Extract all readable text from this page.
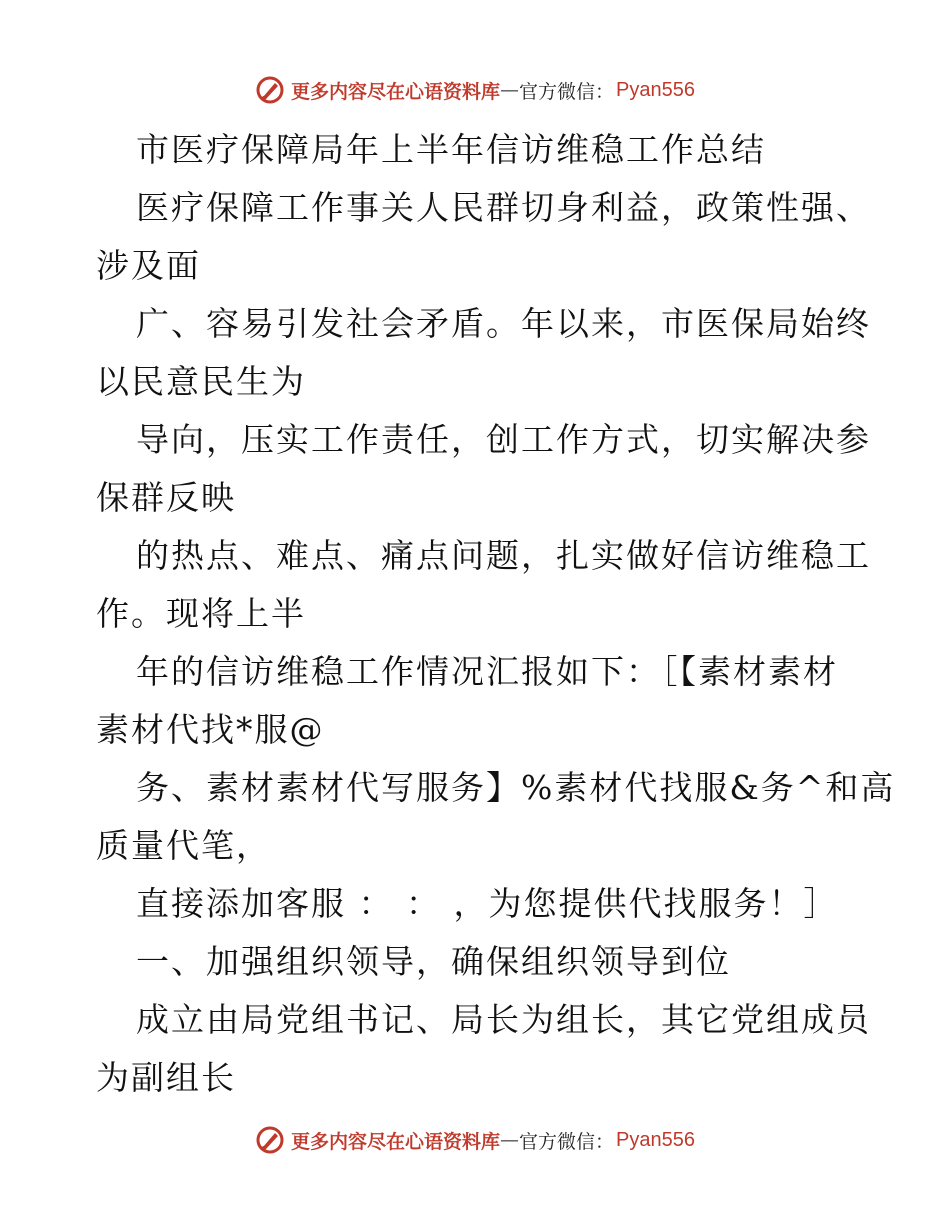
更多内容尽在心语资料库 — 官方微信： Pyan556
市医疗保障局年上半年信访维稳工作总结
医疗保障工作事关人民群切身利益，政策性强、
涉及面
广、容易引发社会矛盾。年以来，市医保局始终
以民意民生为
导向，压实工作责任，创工作方式，切实解决参
保群反映
的热点、难点、痛点问题，扎实做好信访维稳工
作。现将上半
年的信访维稳工作情况汇报如下：［【素材素材
素材代找*服@
务、素材素材代写服务】%素材代找服&务^和高
质量代笔，
直接添加客服 ： ： ，为您提供代找服务！］
一、加强组织领导，确保组织领导到位
成立由局党组书记、局长为组长，其它党组成员
为副组长
更多内容尽在心语资料库 — 官方微信： Pyan556
